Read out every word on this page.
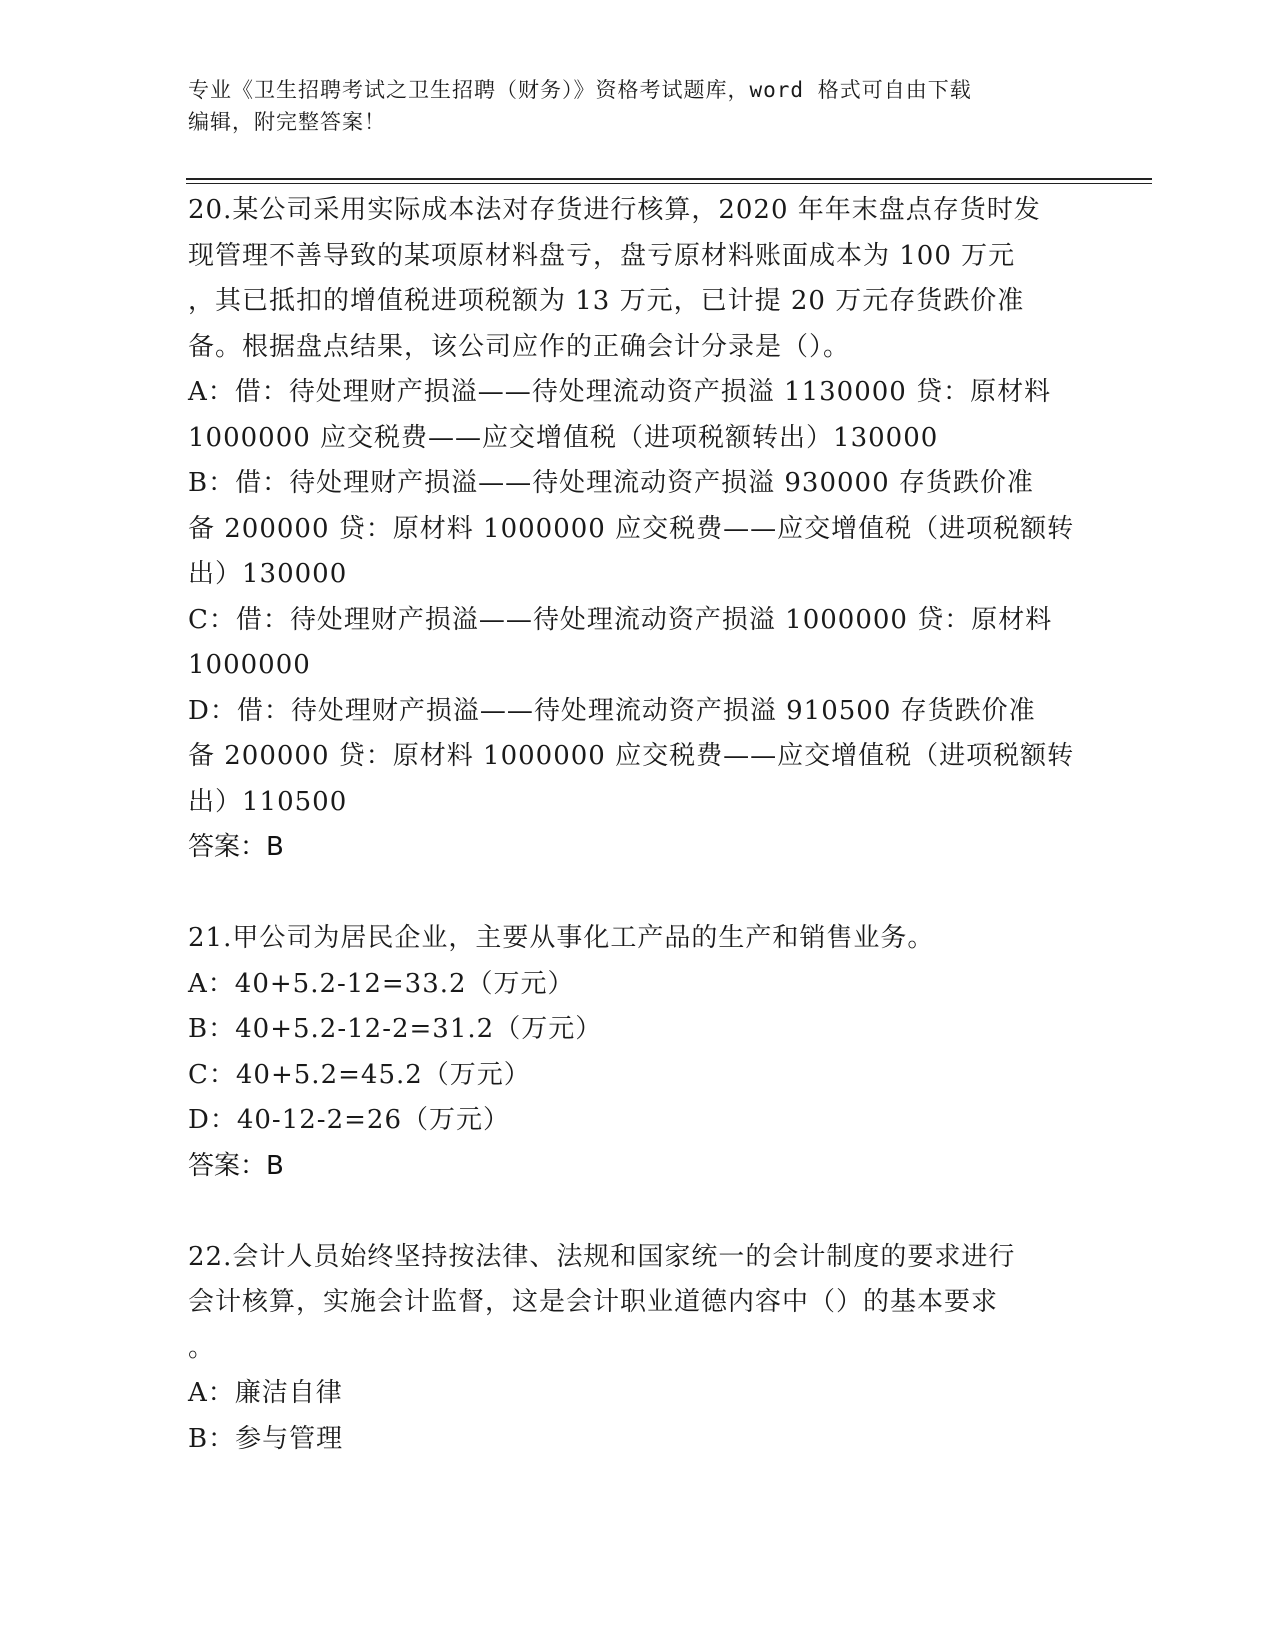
专业《卫生招聘考试之卫生招聘（财务）》资格考试题库，word 格式可自由下载
编辑，附完整答案！
20.某公司采用实际成本法对存货进行核算，2020 年年末盘点存货时发
现管理不善导致的某项原材料盘亏，盘亏原材料账面成本为 100 万元
，其已抵扣的增值税进项税额为 13 万元，已计提 20 万元存货跌价准
备。根据盘点结果，该公司应作的正确会计分录是（）。
A：借：待处理财产损溢——待处理流动资产损溢 1130000 贷：原材料
1000000 应交税费——应交增值税（进项税额转出）130000
B：借：待处理财产损溢——待处理流动资产损溢 930000 存货跌价准
备 200000 贷：原材料 1000000 应交税费——应交增值税（进项税额转
出）130000
C：借：待处理财产损溢——待处理流动资产损溢 1000000 贷：原材料
1000000
D：借：待处理财产损溢——待处理流动资产损溢 910500 存货跌价准
备 200000 贷：原材料 1000000 应交税费——应交增值税（进项税额转
出）110500
答案：B
21.甲公司为居民企业，主要从事化工产品的生产和销售业务。
A：40+5.2-12=33.2（万元）
B：40+5.2-12-2=31.2（万元）
C：40+5.2=45.2（万元）
D：40-12-2=26（万元）
答案：B
22.会计人员始终坚持按法律、法规和国家统一的会计制度的要求进行
会计核算，实施会计监督，这是会计职业道德内容中（）的基本要求
。
A：廉洁自律
B：参与管理
